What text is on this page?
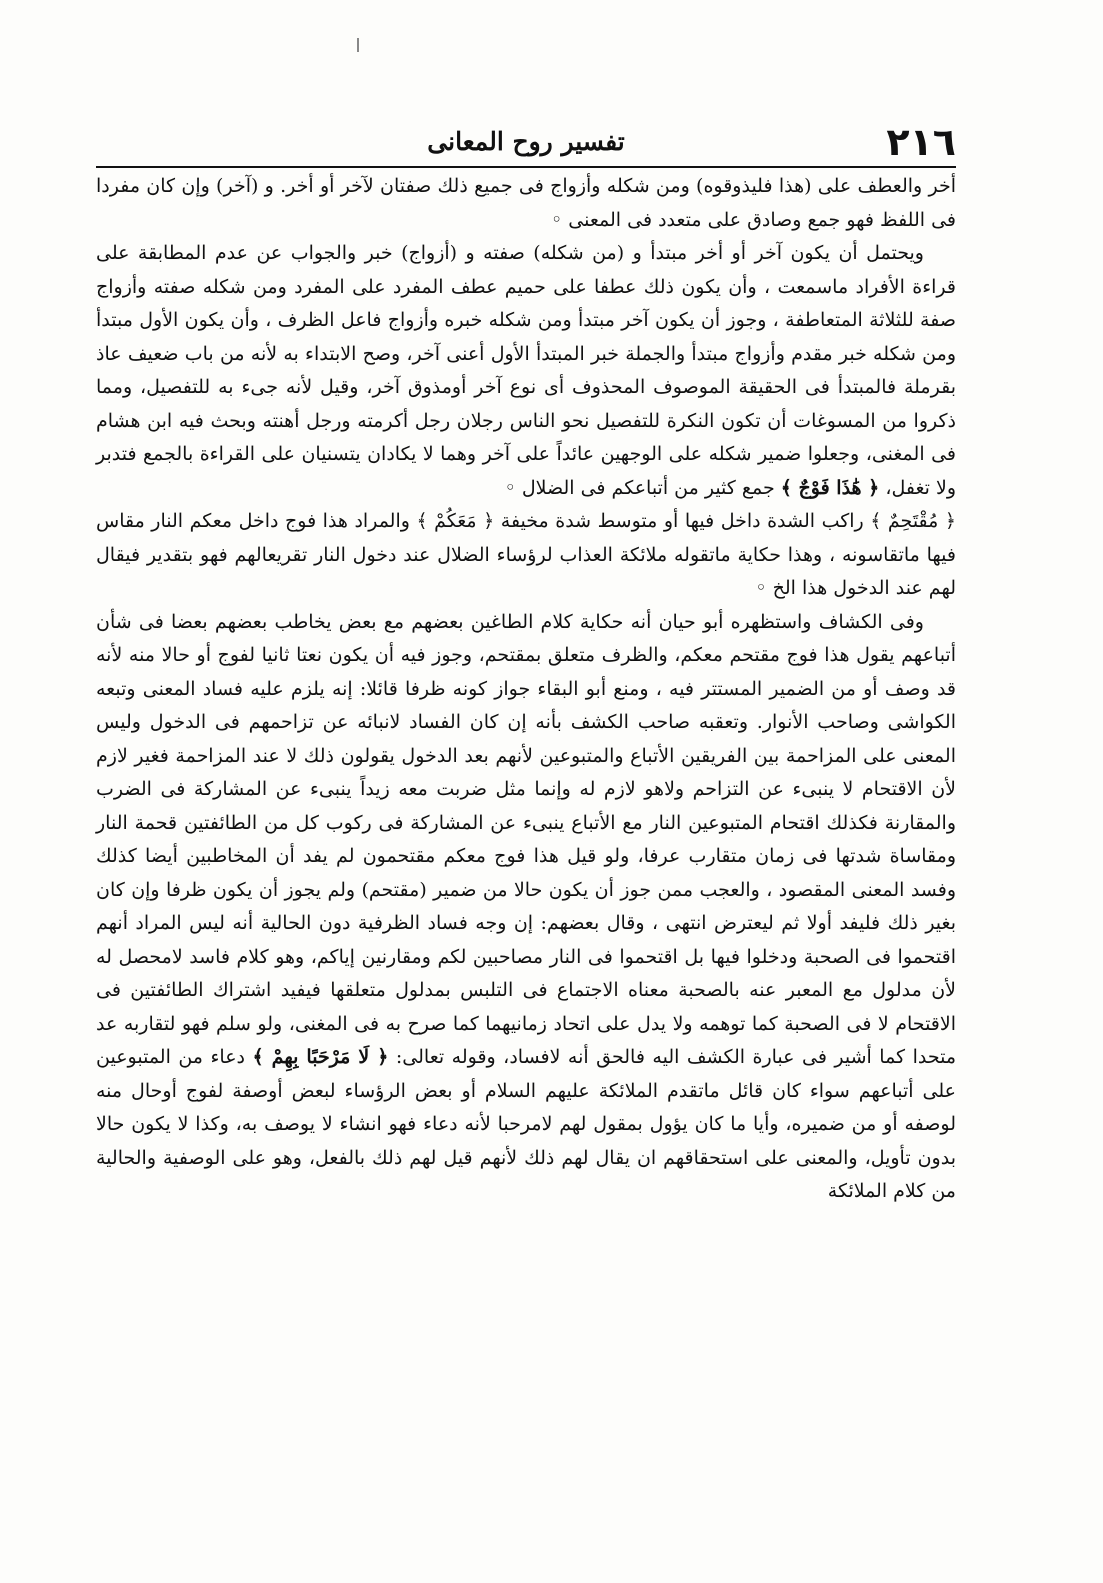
٢١٦
تفسير روح المعانى

أخر والعطف على (هذا فليذوقوه) ومن شكله وأزواج فى جميع ذلك صفتان لآخر أو أخر. و (آخر) وإن كان مفردا فى اللفظ فهو جمع وصادق على متعدد فى المعنى ◦

ويحتمل أن يكون آخر أو أخر مبتدأ و (من شكله) صفته و (أزواج) خبر والجواب عن عدم المطابقة على قراءة الأفراد ماسمعت ، وأن يكون ذلك عطفا على حميم عطف المفرد على المفرد ومن شكله صفته وأزواج صفة للثلاثة المتعاطفة ، وجوز أن يكون آخر مبتدأ ومن شكله خبره وأزواج فاعل الظرف ، وأن يكون الأول مبتدأ ومن شكله خبر مقدم وأزواج مبتدأ والجملة خبر المبتدأ الأول أعنى آخر، وصح الابتداء به لأنه من باب ضعيف عاذ بقرملة فالمبتدأ فى الحقيقة الموصوف المحذوف أى نوع آخر أومذوق آخر، وقيل لأنه جىء به للتفصيل، ومما ذكروا من المسوغات أن تكون النكرة للتفصيل نحو الناس رجلان رجل أكرمته ورجل أهنته وبحث فيه ابن هشام فى المغنى، وجعلوا ضمير شكله على الوجهين عائداً على آخر وهما لا يكادان يتسنيان على القراءة بالجمع فتدبر ولا تغفل، ﴿ هَٰذَا فَوْجٌ ﴾ جمع كثير من أتباعكم فى الضلال ◦

﴿ مُقْتَحِمٌ ﴾ راكب الشدة داخل فيها أو متوسط شدة مخيفة ﴿ مَعَكُمْ ﴾ والمراد هذا فوج داخل معكم النار مقاس فيها ماتقاسونه ، وهذا حكاية ماتقوله ملائكة العذاب لرؤساء الضلال عند دخول النار تقريعالهم فهو بتقدير فيقال لهم عند الدخول هذا الخ ◦

وفى الكشاف واستظهره أبو حيان أنه حكاية كلام الطاغين بعضهم مع بعض يخاطب بعضهم بعضا فى شأن أتباعهم يقول هذا فوج مقتحم معكم، والظرف متعلق بمقتحم، وجوز فيه أن يكون نعتا ثانيا لفوج أو حالا منه لأنه قد وصف أو من الضمير المستتر فيه ، ومنع أبو البقاء جواز كونه ظرفا قائلا: إنه يلزم عليه فساد المعنى وتبعه الكواشى وصاحب الأنوار. وتعقبه صاحب الكشف بأنه إن كان الفساد لانبائه عن تزاحمهم فى الدخول وليس المعنى على المزاحمة بين الفريقين الأتباع والمتبوعين لأنهم بعد الدخول يقولون ذلك لا عند المزاحمة فغير لازم لأن الاقتحام لا ينبىء عن التزاحم ولاهو لازم له وإنما مثل ضربت معه زيداً ينبىء عن المشاركة فى الضرب والمقارنة فكذلك اقتحام المتبوعين النار مع الأتباع ينبىء عن المشاركة فى ركوب كل من الطائفتين قحمة النار ومقاساة شدتها فى زمان متقارب عرفا، ولو قيل هذا فوج معكم مقتحمون لم يفد أن المخاطبين أيضا كذلك وفسد المعنى المقصود ، والعجب ممن جوز أن يكون حالا من ضمير (مقتحم) ولم يجوز أن يكون ظرفا وإن كان بغير ذلك فليفد أولا ثم ليعترض انتهى ، وقال بعضهم: إن وجه فساد الظرفية دون الحالية أنه ليس المراد أنهم اقتحموا فى الصحبة ودخلوا فيها بل اقتحموا فى النار مصاحبين لكم ومقارنين إياكم، وهو كلام فاسد لامحصل له لأن مدلول مع المعبر عنه بالصحبة معناه الاجتماع فى التلبس بمدلول متعلقها فيفيد اشتراك الطائفتين فى الاقتحام لا فى الصحبة كما توهمه ولا يدل على اتحاد زمانيهما كما صرح به فى المغنى، ولو سلم فهو لتقاربه عد متحدا كما أشير فى عبارة الكشف اليه فالحق أنه لافساد، وقوله تعالى: ﴿ لَا مَرْحَبًا بِهِمْ ﴾ دعاء من المتبوعين على أتباعهم سواء كان قائل ماتقدم الملائكة عليهم السلام أو بعض الرؤساء لبعض أوصفة لفوج أوحال منه لوصفه أو من ضميره، وأيا ما كان يؤول بمقول لهم لامرحبا لأنه دعاء فهو انشاء لا يوصف به، وكذا لا يكون حالا بدون تأويل، والمعنى على استحقاقهم ان يقال لهم ذلك لأنهم قيل لهم ذلك بالفعل، وهو على الوصفية والحالية من كلام الملائكة
